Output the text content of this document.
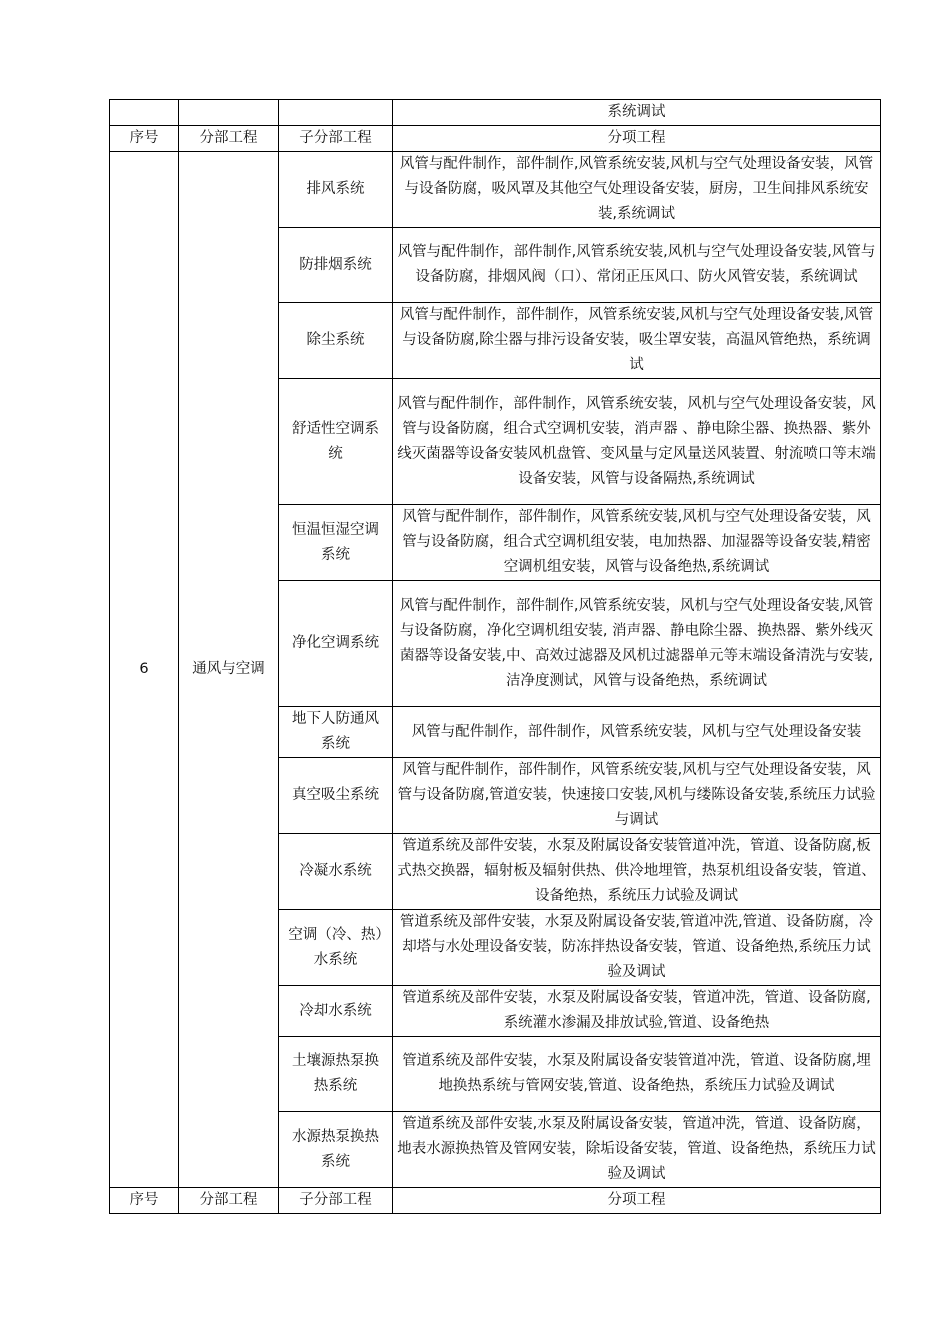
			系统调试
序号	分部工程	子分部工程	分项工程
6	通风与空调	排风系统	风管与配件制作，部件制作,风管系统安装,风机与空气处理设备安装，风管与设备防腐，吸风罩及其他空气处理设备安装，厨房，卫生间排风系统安装,系统调试
		防排烟系统	风管与配件制作，部件制作,风管系统安装,风机与空气处理设备安装,风管与设备防腐，排烟风阀（口）、常闭正压风口、防火风管安装，系统调试
		除尘系统	风管与配件制作，部件制作，风管系统安装,风机与空气处理设备安装,风管与设备防腐,除尘器与排污设备安装，吸尘罩安装，高温风管绝热，系统调试
		舒适性空调系统	风管与配件制作，部件制作，风管系统安装，风机与空气处理设备安装，风管与设备防腐，组合式空调机安装，消声器 、静电除尘器、换热器、紫外线灭菌器等设备安装风机盘管、变风量与定风量送风装置、射流喷口等末端设备安装，风管与设备隔热,系统调试
		恒温恒湿空调系统	风管与配件制作，部件制作，风管系统安装,风机与空气处理设备安装，风管与设备防腐，组合式空调机组安装，电加热器、加湿器等设备安装,精密空调机组安装，风管与设备绝热,系统调试
		净化空调系统	风管与配件制作，部件制作,风管系统安装，风机与空气处理设备安装,风管与设备防腐，净化空调机组安装, 消声器、静电除尘器、换热器、紫外线灭菌器等设备安装,中、高效过滤器及风机过滤器单元等末端设备清洗与安装,洁净度测试，风管与设备绝热，系统调试
		地下人防通风系统	风管与配件制作，部件制作，风管系统安装，风机与空气处理设备安装
		真空吸尘系统	风管与配件制作，部件制作，风管系统安装,风机与空气处理设备安装，风管与设备防腐,管道安装，快速接口安装,风机与缕陈设备安装,系统压力试验与调试
		冷凝水系统	管道系统及部件安装，水泵及附属设备安装管道冲洗，管道、设备防腐,板式热交换器，辐射板及辐射供热、供冷地埋管，热泵机组设备安装，管道、设备绝热，系统压力试验及调试
		空调（冷、热）水系统	管道系统及部件安装，水泵及附属设备安装,管道冲洗,管道、设备防腐，冷却塔与水处理设备安装，防冻拌热设备安装，管道、设备绝热,系统压力试验及调试
		冷却水系统	管道系统及部件安装，水泵及附属设备安装，管道冲洗，管道、设备防腐,系统灌水渗漏及排放试验,管道、设备绝热
		土壤源热泵换热系统	管道系统及部件安装，水泵及附属设备安装管道冲洗，管道、设备防腐,埋地换热系统与管网安装,管道、设备绝热，系统压力试验及调试
		水源热泵换热系统	管道系统及部件安装,水泵及附属设备安装，管道冲洗，管道、设备防腐，地表水源换热管及管网安装，除垢设备安装，管道、设备绝热，系统压力试验及调试
序号	分部工程	子分部工程	分项工程
